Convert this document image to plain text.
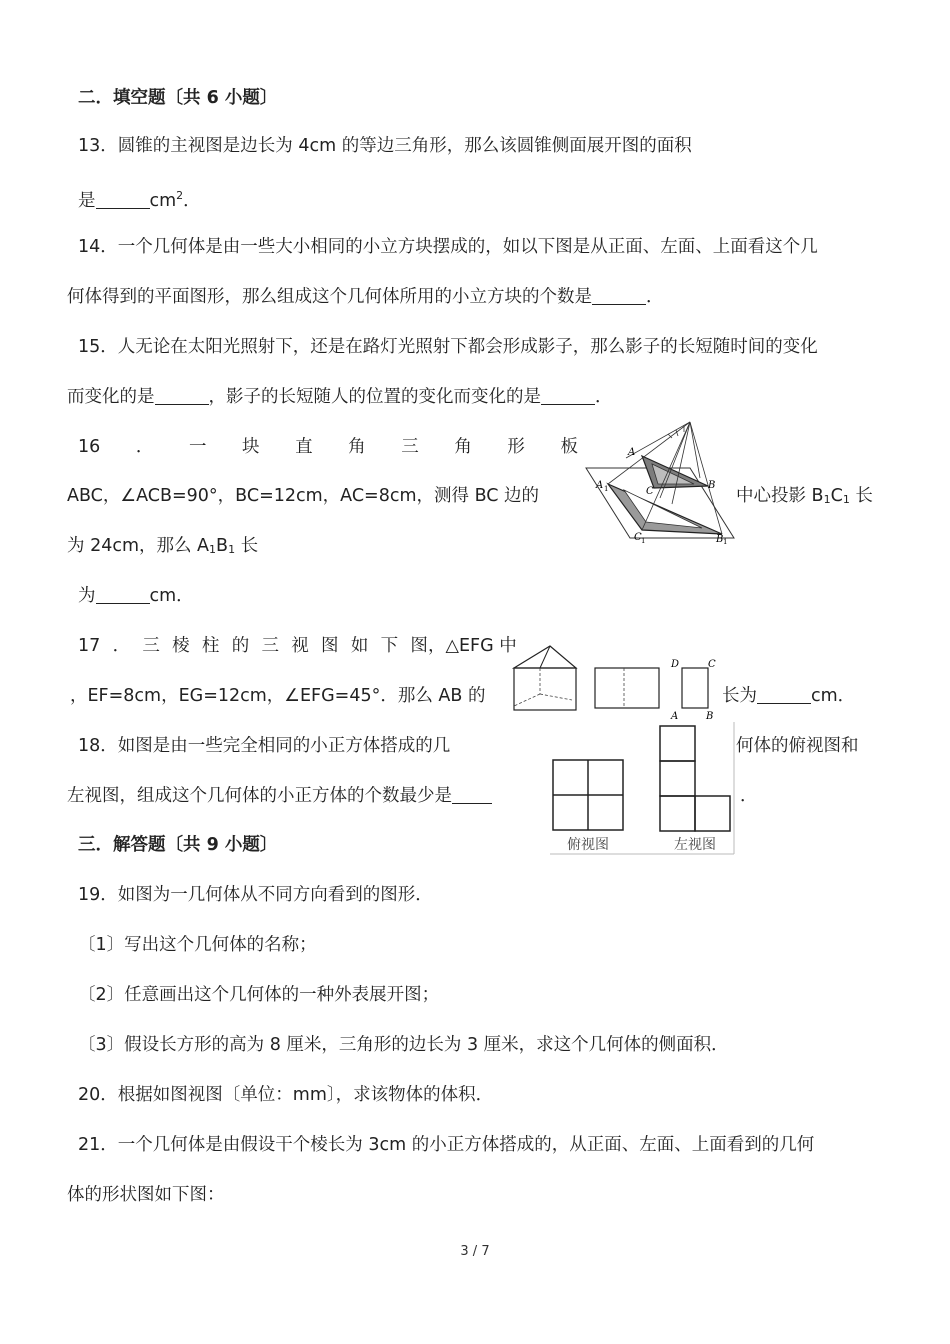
二．填空题〔共 6 小题〕
13．圆锥的主视图是边长为 4cm 的等边三角形，那么该圆锥侧面展开图的面积
是	$cm^2$．
14．一个几何体是由一些大小相同的小立方块摆成的，如以下图是从正面、左面、上面看这个几
何体得到的平面图形，那么组成这个几何体所用的小立方块的个数是	．
15．人无论在太阳光照射下，还是在路灯光照射下都会形成影子，那么影子的长短随时间的变化
而变化的是	，影子的长短随人的位置的变化而变化的是	．
16 ． 一 块 直 角 三 角 形 板
ABC，∠ACB=90°，BC=12cm，AC=8cm，测得 BC 边的	中心投影 B1C1 长
为 24cm，那么 A1B1 长
为	cm．
A
B
C
A 1
B 1
C 1
17 ． 三 棱 柱 的 三 视 图 如 下 图 ，△EFG 中
，EF=8cm，EG=12cm，∠EFG=45°．那么 AB 的	长为	cm．
D	C
A	B
18．如图是由一些完全相同的小正方体搭成的几	何体的俯视图和
左视图，组成这个几何体的小正方体的个数最少是	．
俯视图	左视图
三．解答题〔共 9 小题〕
19．如图为一几何体从不同方向看到的图形．
〔1〕写出这个几何体的名称；
〔2〕任意画出这个几何体的一种外表展开图；
〔3〕假设长方形的高为 8 厘米，三角形的边长为 3 厘米，求这个几何体的侧面积．
20．根据如图视图〔单位：mm〕，求该物体的体积．
21．一个几何体是由假设干个棱长为 3cm 的小正方体搭成的，从正面、左面、上面看到的几何
体的形状图如下图：
3 / 7
